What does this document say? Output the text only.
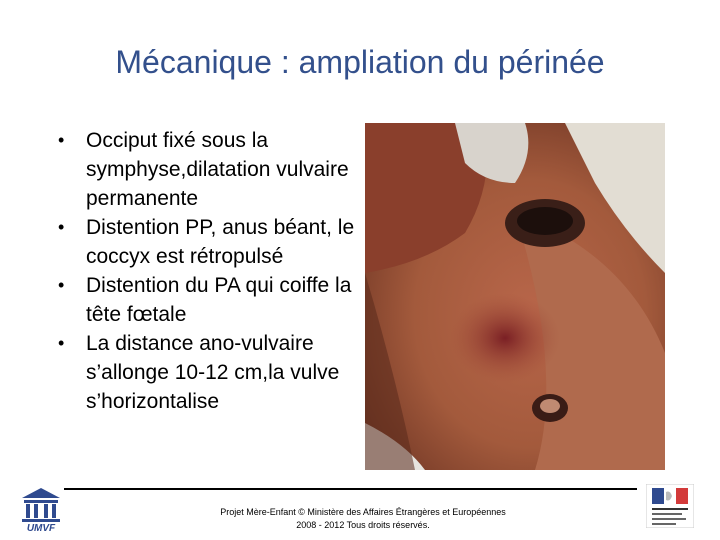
Mécanique : ampliation du périnée
• Occiput fixé sous la symphyse,dilatation vulvaire permanente
• Distention PP, anus béant, le coccyx est rétropulsé
• Distention du PA qui coiffe la tête fœtale
• La distance ano-vulvaire s’allonge 10-12 cm,la vulve s’horizontalise
Projet Mère-Enfant © Ministère des Affaires Étrangères et Européennes
2008 - 2012 Tous droits réservés.
UMVF
